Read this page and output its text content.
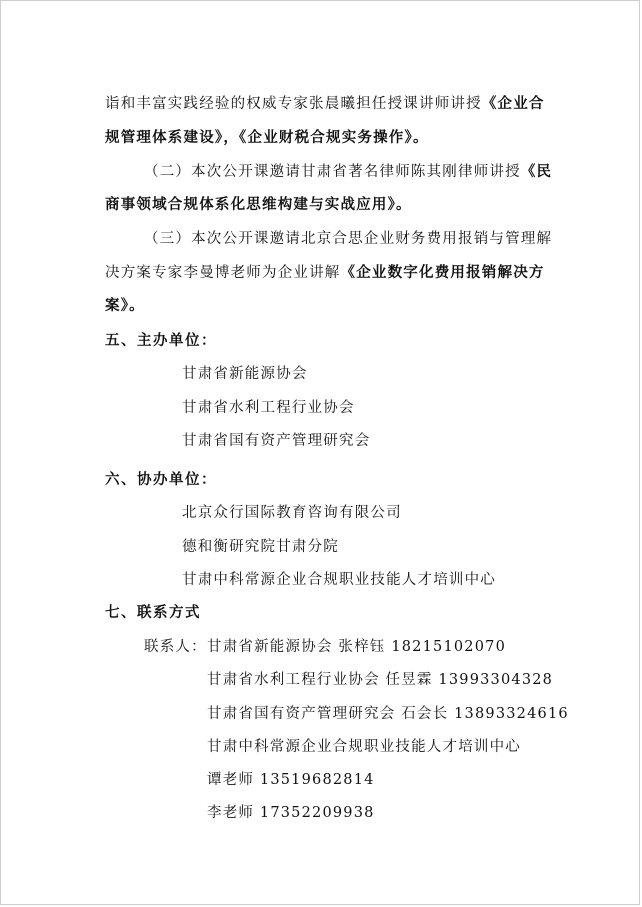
诣和丰富实践经验的权威专家张晨曦担任授课讲师讲授《企业合
规管理体系建设》，《企业财税合规实务操作》。
（二）本次公开课邀请甘肃省著名律师陈其刚律师讲授《民
商事领域合规体系化思维构建与实战应用》。
（三）本次公开课邀请北京合思企业财务费用报销与管理解
决方案专家李曼博老师为企业讲解《企业数字化费用报销解决方
案》。
五、主办单位：
甘肃省新能源协会
甘肃省水利工程行业协会
甘肃省国有资产管理研究会
六、协办单位：
北京众行国际教育咨询有限公司
德和衡研究院甘肃分院
甘肃中科常源企业合规职业技能人才培训中心
七、联系方式
联系人： 甘肃省新能源协会 张梓钰 18215102070
甘肃省水利工程行业协会 任昱霖 13993304328
甘肃省国有资产管理研究会 石会长 13893324616
甘肃中科常源企业合规职业技能人才培训中心
谭老师 13519682814
李老师 17352209938
